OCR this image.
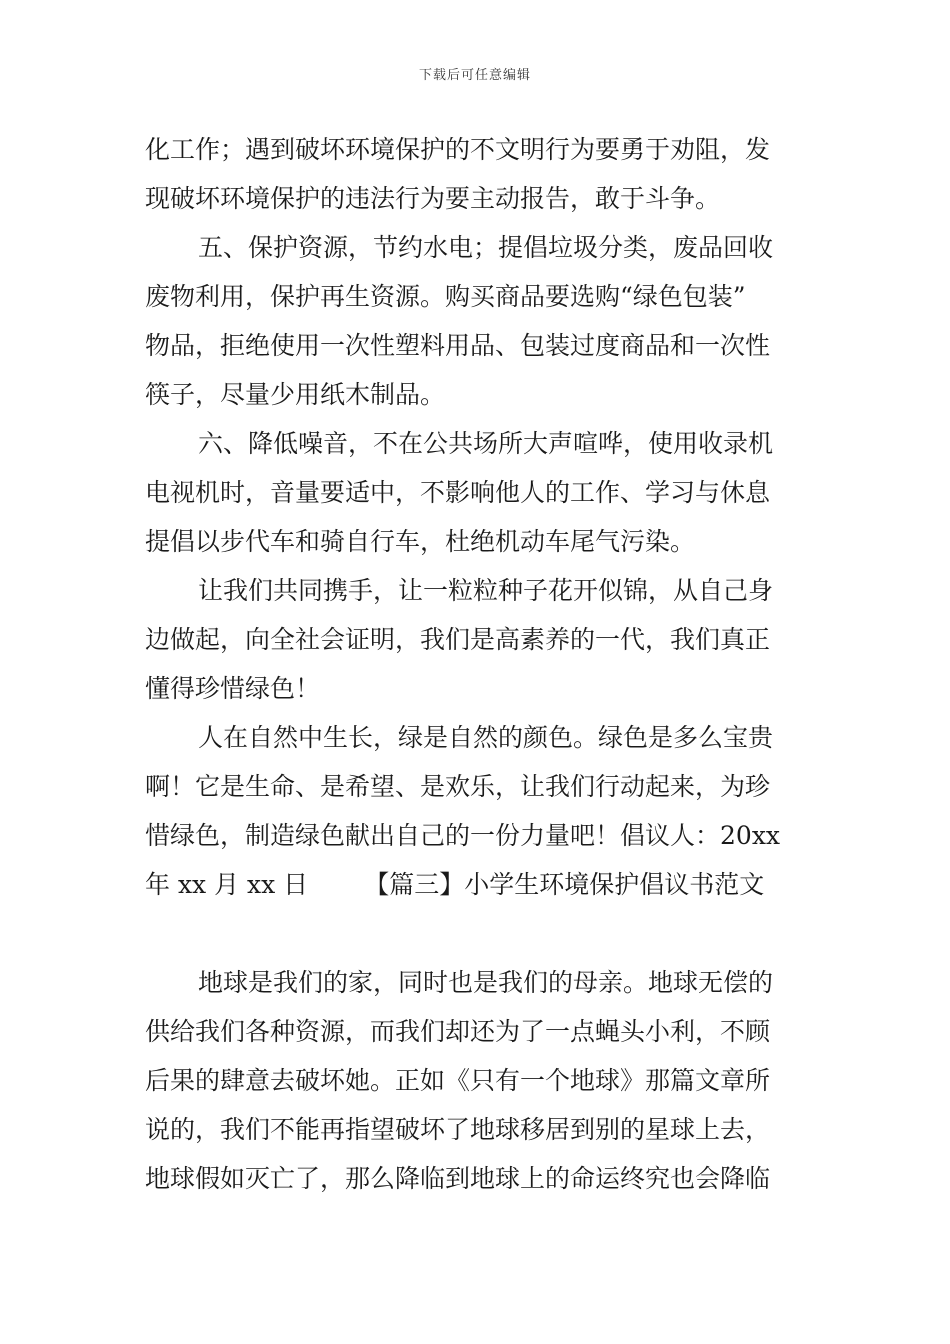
下载后可任意编辑
化工作；遇到破坏环境保护的不文明行为要勇于劝阻，发
现破坏环境保护的违法行为要主动报告，敢于斗争。
五、保护资源，节约水电；提倡垃圾分类，废品回收
废物利用，保护再生资源。购买商品要选购“绿色包装”
物品，拒绝使用一次性塑料用品、包装过度商品和一次性
筷子，尽量少用纸木制品。
六、降低噪音，不在公共场所大声喧哗，使用收录机
电视机时，音量要适中，不影响他人的工作、学习与休息
提倡以步代车和骑自行车，杜绝机动车尾气污染。
让我们共同携手，让一粒粒种子花开似锦，从自己身
边做起，向全社会证明，我们是高素养的一代，我们真正
懂得珍惜绿色！
人在自然中生长，绿是自然的颜色。绿色是多么宝贵
啊！它是生命、是希望、是欢乐，让我们行动起来，为珍
惜绿色，制造绿色献出自己的一份力量吧！倡议人：20xx
年 xx 月 xx 日 【篇三】小学生环境保护倡议书范文
地球是我们的家，同时也是我们的母亲。地球无偿的
供给我们各种资源，而我们却还为了一点蝇头小利，不顾
后果的肆意去破坏她。正如《只有一个地球》那篇文章所
说的，我们不能再指望破坏了地球移居到别的星球上去，
地球假如灭亡了，那么降临到地球上的命运终究也会降临
